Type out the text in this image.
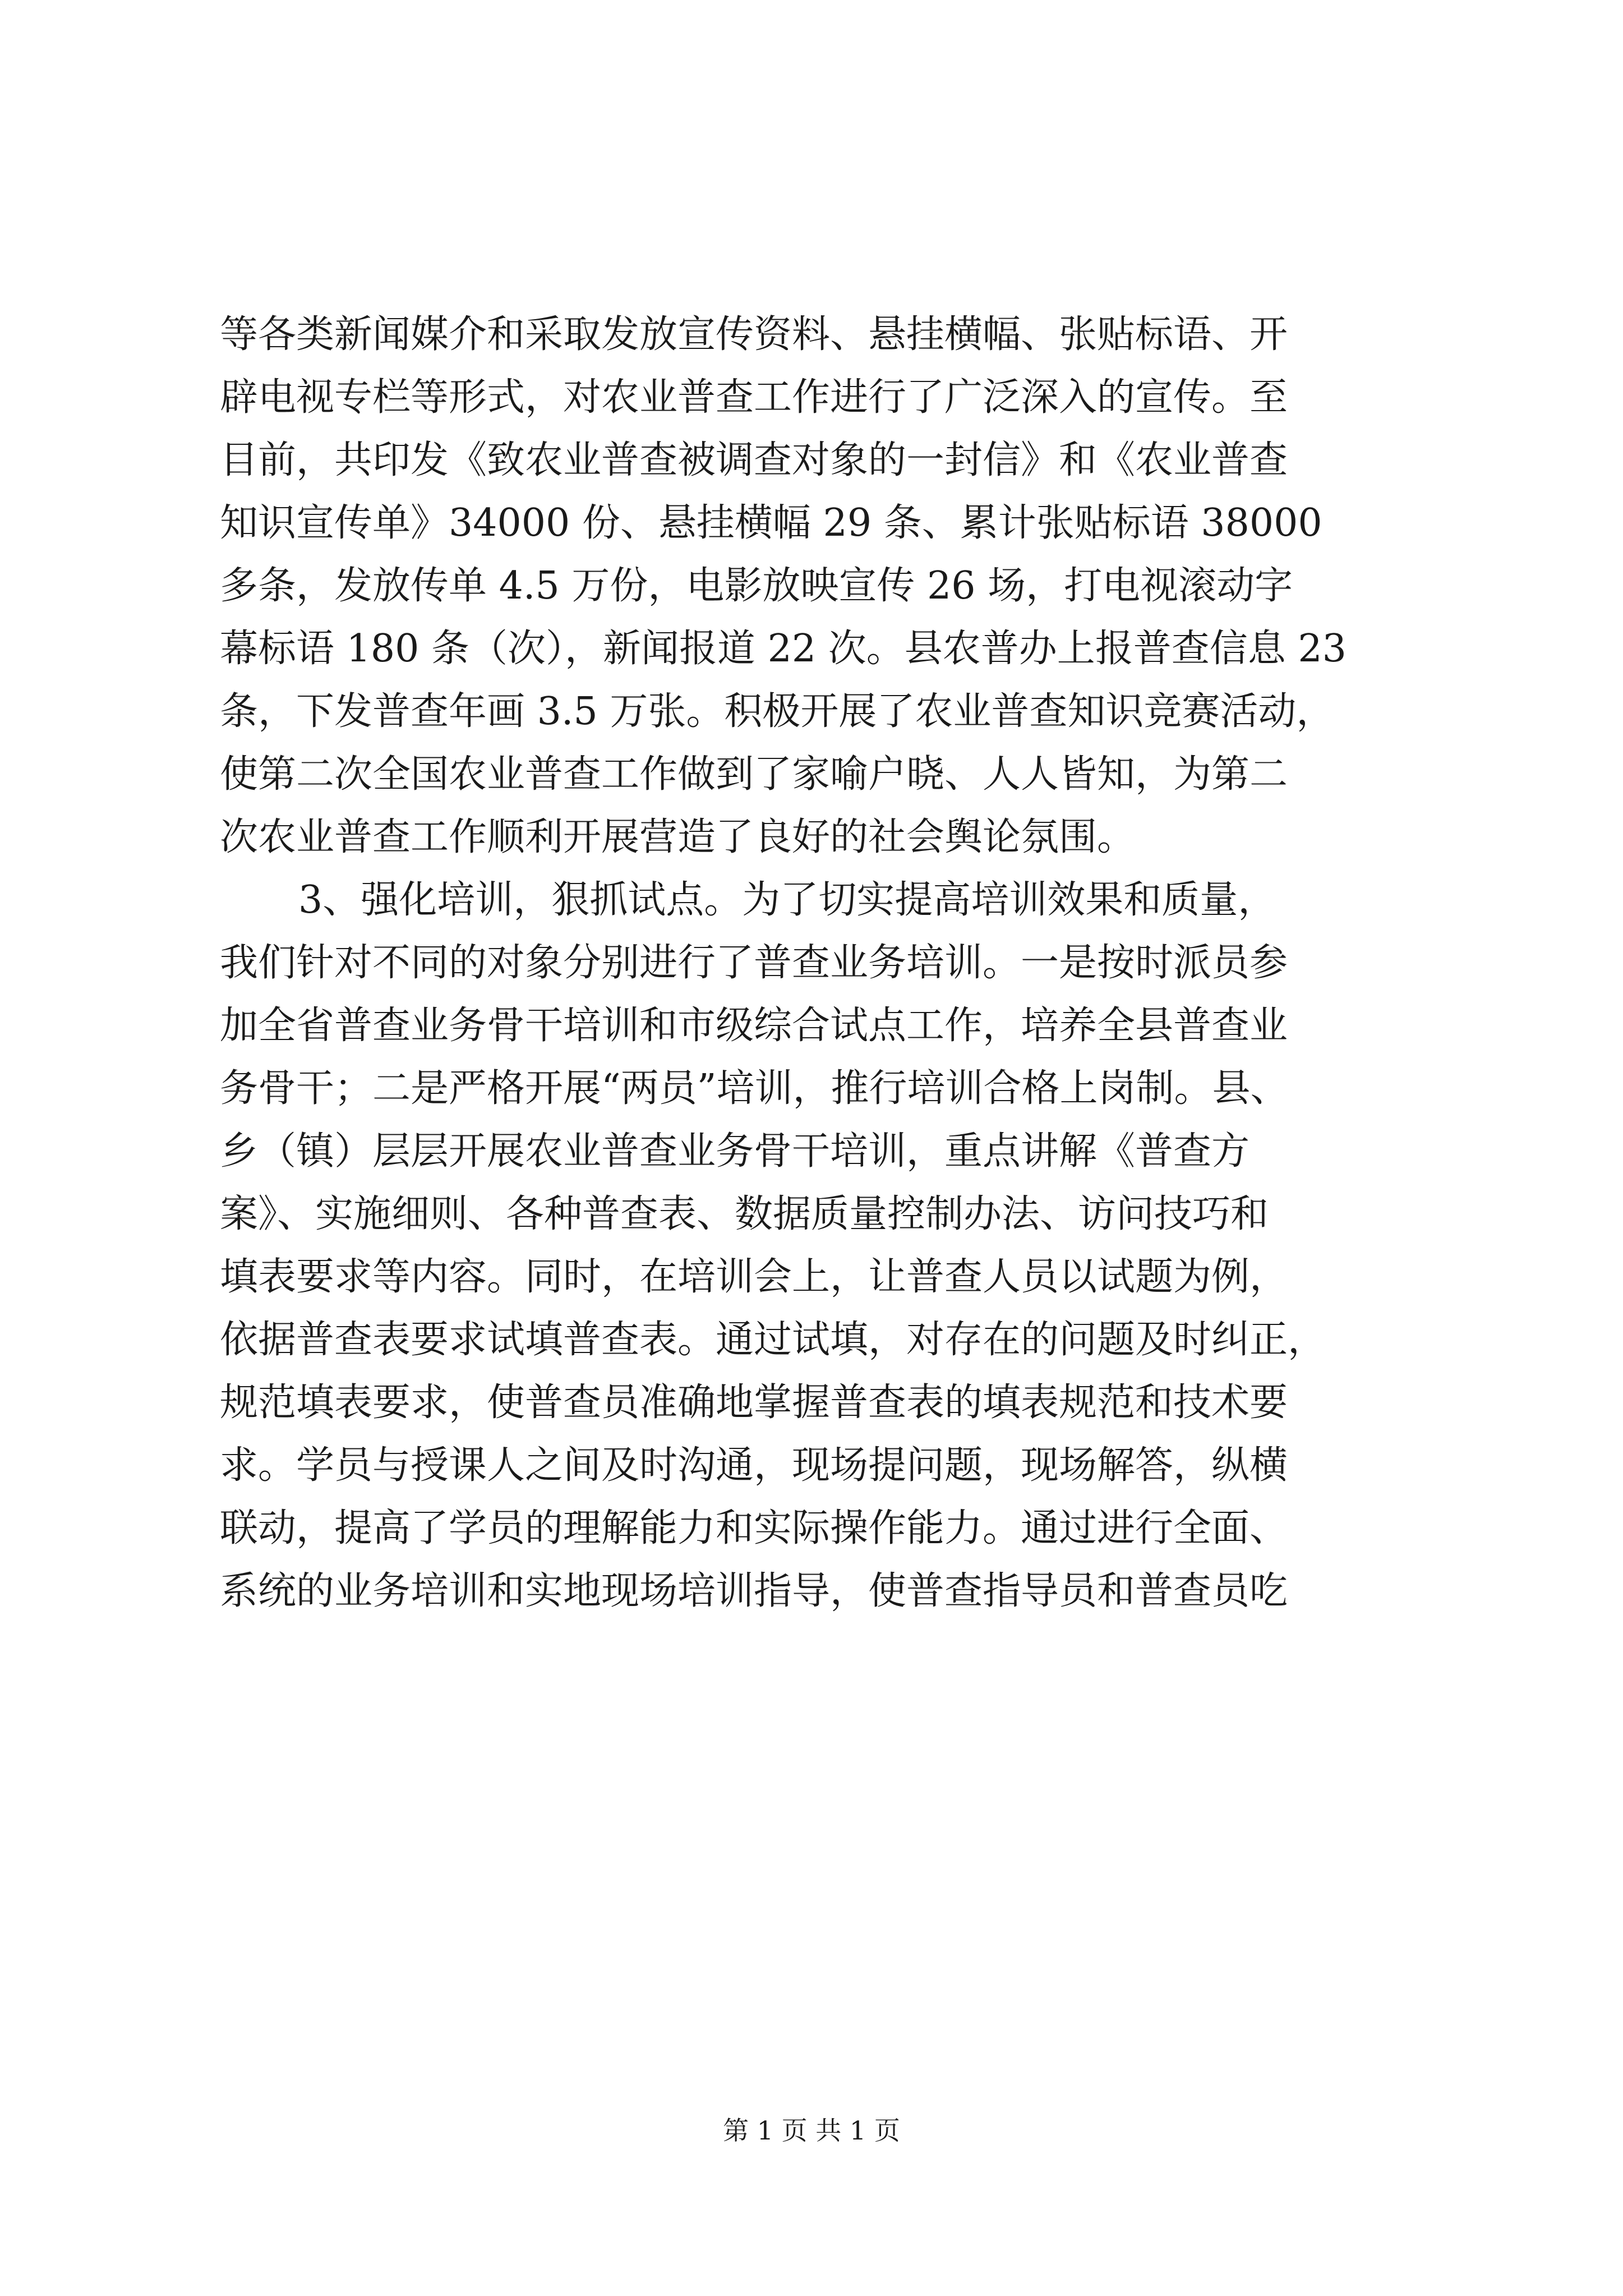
等各类新闻媒介和采取发放宣传资料、悬挂横幅、张贴标语、开
辟电视专栏等形式，对农业普查工作进行了广泛深入的宣传。至
目前，共印发《致农业普查被调查对象的一封信》和《农业普查
知识宣传单》34000 份、悬挂横幅 29 条、累计张贴标语 38000
多条，发放传单 4.5 万份，电影放映宣传 26 场，打电视滚动字
幕标语 180 条（次），新闻报道 22 次。县农普办上报普查信息 23
条，下发普查年画 3.5 万张。积极开展了农业普查知识竞赛活动，
使第二次全国农业普查工作做到了家喻户晓、人人皆知，为第二
次农业普查工作顺利开展营造了良好的社会舆论氛围。
3、强化培训，狠抓试点。为了切实提高培训效果和质量，
我们针对不同的对象分别进行了普查业务培训。一是按时派员参
加全省普查业务骨干培训和市级综合试点工作，培养全县普查业
务骨干；二是严格开展“两员”培训，推行培训合格上岗制。县、
乡（镇）层层开展农业普查业务骨干培训，重点讲解《普查方
案》、实施细则、各种普查表、数据质量控制办法、访问技巧和
填表要求等内容。同时，在培训会上，让普查人员以试题为例，
依据普查表要求试填普查表。通过试填，对存在的问题及时纠正，
规范填表要求，使普查员准确地掌握普查表的填表规范和技术要
求。学员与授课人之间及时沟通，现场提问题，现场解答，纵横
联动，提高了学员的理解能力和实际操作能力。通过进行全面、
系统的业务培训和实地现场培训指导，使普查指导员和普查员吃
第 1 页 共 1 页
